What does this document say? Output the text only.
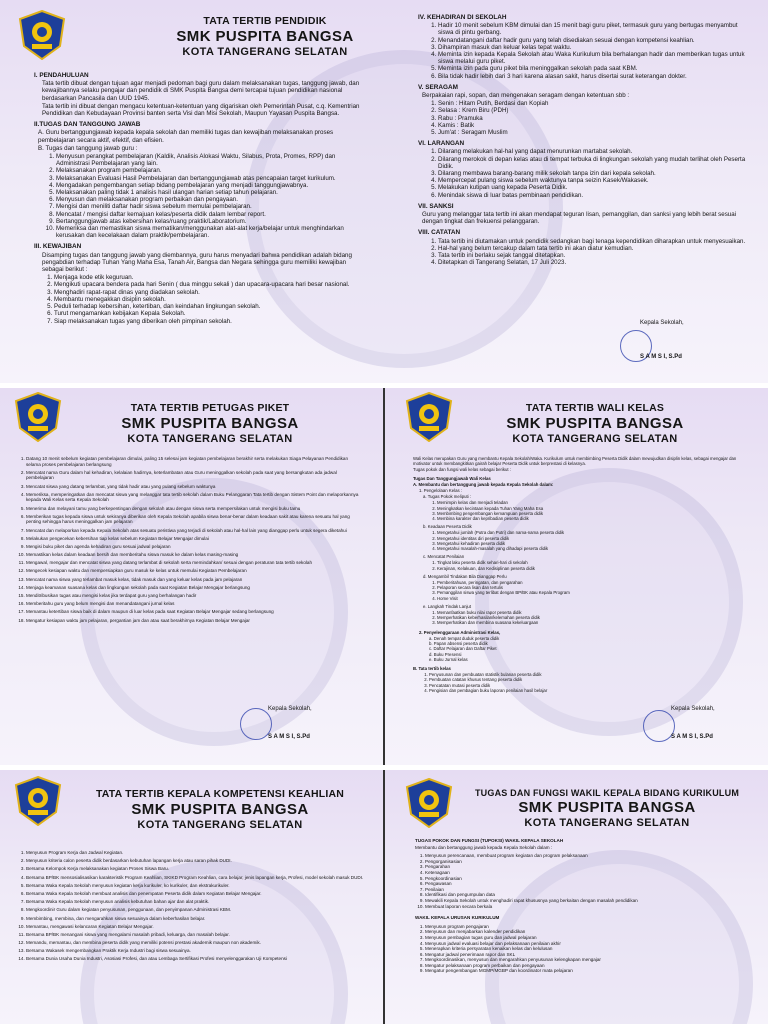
TATA TERTIB PENDIDIK
SMK PUSPITA BANGSA
KOTA TANGERANG SELATAN
I. PENDAHULUAN

Tata tertib dibuat dengan tujuan agar menjadi pedoman bagi guru dalam melaksanakan tugas, tanggung jawab, dan kewajibannya selaku pengajar dan pendidik di SMK Puspita Bangsa demi tercapai tujuan pendidikan nasional berdasarkan Pancasila dan UUD 1945.

Tata tertib ini dibuat dengan mengacu ketentuan-ketentuan yang digariskan oleh Pemerintah Pusat, c.q. Kementrian Pendidikan dan Kebudayaan Provinsi banten serta Visi dan Misi Sekolah, Maupun Yayasan Puspita Bangsa.

II.TUGAS DAN TANGGUNG JAWAB

A. Guru bertanggungjawab kepada kepala sekolah dan memiliki tugas dan kewajiban melaksanakan proses pembelajaran secara aktif, efektif, dan efisien.

B. Tugas dan tanggung jawab guru :

1. Menyusun perangkat pembelajaran (Kaldik, Analisis Alokasi Waktu, Silabus, Prota, Promes, RPP) dan Administrasi Pembelajaran yang lain.
2. Melaksanakan program pembelajaran.
3. Melaksanakan Evaluasi Hasil Pembelajaran dan bertanggungjawab atas pencapaian target kurikulum.
4. Mengadakan pengembangan setiap bidang pembelajaran yang menjadi tanggungjawabnya.
5. Melaksanakan paling tidak 1 analisis hasil ulangan harian setiap tahun pelajaran.
6. Menyusun dan melaksanakan program perbaikan dan pengayaan.
7. Mengisi dan meniliti daftar hadir siswa sebelum memulai pembelajaran.
8. Mencatat / mengisi daftar kemajuan kelas/peserta didik dalam lembar report.
9. Bertanggungjawab atas kebersihan kelas/ruang praktik/Laboratorium.
10. Memeriksa dan memastikan siswa mematikan/menggunakan alat-alat kerja/belajar untuk menghindarkan kerusakan dan kecelakaan dalam praktik/pembelajaran.
III. KEWAJIBAN

Disamping tugas dan tanggung jawab yang diembannya, guru harus menyadari bahwa pendidikan adalah bidang pengabdian terhadap Tuhan Yang Maha Esa, Tanah Air, Bangsa dan Negara sehingga guru memiliki kewajiban sebagai berikut :

1. Menjaga kode etik keguruan.
2. Mengikuti upacara bendera pada hari Senin ( dua minggu sekali ) dan upacara-upacara hari besar nasional.
3. Menghadiri rapat-rapat dinas yang diadakan sekolah.
4. Membantu menegakkan disiplin sekolah.
5. Peduli terhadap kebersihan, ketertiban, dan keindahan lingkungan sekolah.
6. Turut mengamankan kebijakan Kepala Sekolah.
7. Siap melaksanakan tugas yang diberikan oleh pimpinan sekolah.
IV. KEHADIRAN DI SEKOLAH
1. Hadir 10 menit sebelum KBM dimulai dan 15 menit bagi guru piket, termasuk guru yang bertugas menyambut siswa di pintu gerbang.
2. Menandatangani daftar hadir guru yang telah disediakan sesuai dengan kompetensi keahlian.
3. Dihampiran masuk dan keluar kelas tepat waktu.
4. Meminta izin kepada Kepala Sekolah atau Waka Kurikulum bila berhalangan hadir dan memberikan tugas untuk siswa melalui guru piket.
5. Meminta izin pada guru piket bila meninggalkan sekolah pada saat KBM.
6. Bila tidak hadir lebih dari 3 hari karena alasan sakit, harus disertai surat keterangan dokter.
V. SERAGAM

Berpakaian rapi, sopan, dan mengenakan seragam dengan ketentuan sbb :

1. Senin : Hitam Putih, Berdasi dan Kopiah
2. Selasa : Krem Biru (PDH)
3. Rabu : Pramuka
4. Kamis : Batik
5. Jum'at : Seragam Muslim
VI. LARANGAN
1. Dilarang melakukan hal-hal yang dapat menurunkan martabat sekolah.
2. Dilarang merokok di depan kelas atau di tempat terbuka di lingkungan sekolah yang mudah terlihat oleh Peserta Didik.
3. Dilarang membawa barang-barang milik sekolah tanpa izin dari kepala sekolah.
4. Mempercepat pulang siswa sebelum waktunya tanpa seizin Kasek/Wakasek.
5. Melakukan kutipan uang kepada Peserta Didik.
6. Menindak siswa di luar batas pembinaan pendidikan.
VII. SANKSI

Guru yang melanggar tata tertib ini akan mendapat teguran lisan, pemanggilan, dan sanksi yang lebih berat sesuai dengan tingkat dan frekuensi pelanggaran.

VIII. CATATAN
1. Tata tertib ini diutamakan untuk pendidik sedangkan bagi tenaga kependidikan diharapkan untuk menyesuaikan.
2. Hal-hal yang belum tercakup dalam tata tertib ini akan diatur kemudian.
3. Tata tertib ini berlaku sejak tanggal ditetapkan.
4. Ditetapkan di Tangerang Selatan, 17 Juli 2023.
Kepala Sekolah,
S A M S I, S.Pd
TATA TERTIB PETUGAS PIKET
SMK PUSPITA BANGSA
KOTA TANGERANG SELATAN
1. Datang 10 menit sebelum kegiatan pembelajaran dimulai, paling 15 selesai jam kegiatan pembelajaran berakhir serta melakukan Siaga Pelayanan Pendidikan selama proses pembelajaran berlangsung
2. Mencatat nama Guru dalam hal kehadiran, kelalaian hadirnya, keterlambatan atau Guru meninggalkan sekolah pada saat yang bersangkutan ada jadwal pembelajaran
3. Mencatat siswa yang datang terlambat, yang tidak hadir atau yang pulang sebelum waktunya
4. Memeriksa, memperingatkan dan mencatat siswa yang melanggar tata tertib sekolah dalam Buku Pelanggaran Tata tertib dengan Sistem Point dan melaporkannya kepada Wali Kelas serta Kepala Sekolah
5. Menerima dan melayani tamu yang berkepentingan dengan sekolah atau dengan siswa serta mempersilakan untuk mengisi buku tamu
6. Memberikan tugas kepada siswa untuk sekiranya diberikan oleh Kepala Sekolah apabila siswa benar-benar dalam keadaan sakit atau karena sesuatu hal yang penting sehingga harus meninggalkan jam pelajaran
7. Mencatat dan melaporkan kepada Kepala Sekolah atas sesuatu peristiwa yang terjadi di sekolah atau hal-hal lain yang dianggap perlu untuk segera diketahui
8. Melakukan pengecekan kebersihan tiap kelas sebelum Kegiatan Belajar Mengajar dimulai
9. Mengisi buku piket dan agenda kehadiran guru sesuai jadwal pelajaran
10. Memastikan kelas dalam keadaan bersih dan memberitahu siswa masuk ke dalam kelas masing-masing
11. Mengawal, mengajar dan mencatat siswa yang datang terlambat di sekolah serta memindahkan/ sesuai dengan peraturan tata tertib sekolah
12. Mengecek kesiapan waktu dan mempersiapkan guru masuk ke kelas untuk memulai Kegiatan Pembelajaran
13. Mencatat nama siswa yang terlambat masuk kelas, tidak masuk dan yang keluar kelas pada jam pelajaran
14. Menjaga keamanan suasana kelas dan lingkungan sekolah pada saat Kegiatan Belajar Mengajar berlangsung
15. Menditribusikan tugas atau mengisi kelas jika terdapat guru yang berhalangan hadir
16. Memberitahu guru yang belum mengisi dan menandatangani jurnal kelas
17. Memantau ketertiban siswa baik di dalam maupun di luar kelas pada saat Kegiatan Belajar Mengajar sedang berlangsung
18. Mengatur kesiapan waktu jam pelajaran, pergantian jam dan atau saat berakhirnya Kegiatan Belajar Mengajar
Kepala Sekolah,
S A M S I, S.Pd
TATA TERTIB WALI KELAS
SMK PUSPITA BANGSA
KOTA TANGERANG SELATAN

Wali Kelas merupakan Guru yang membantu Kepala Sekolah/Waka. Kurikulum untuk membimbing Peserta Didik dalam mewujudkan disiplin kelas, sebagai mengajar dan motivator untuk membangkitkan gairah belajar Peserta Didik untuk berprestasi di kelasnya.

Tugas pokok dan fungsi wali kelas sebagai berikut :

Tugas Dan Tanggungjawab Wali Kelas

A. Membantu dan bertanggung jawab kepada Kepala Sekolah dalam:

1. Pengelolaan Kelas :

a. Tugas Pokok meliputi :

1. Memimpin kelas dan menjadi teladan
2. Meningkatkan kecintaan kepada Tuhan Yang Maha Esa
3. Membimbing pengembangan kemampuan peserta didik
4. Membina karakter dan kepribadian peserta didik

b. Keadaan Peserta Didik

1. Mengetahui jumlah (Putra dan Putri) dan nama-nama peserta didik
2. Mengetahui identitas diri peserta didik
3. Mengetahui kehadiran peserta didik
4. Mengetahui masalah-masalah yang dihadapi peserta didik

c. Mencatat Penilaian

1. Tingkat laku peserta didik sehari-hari di sekolah
2. Kerajinan, Kelakuan, dan Kedisiplinan peserta didik

d. Mengambil Tindakan Bila Dianggap Perlu

1. Pemberitahuan, peringatan, dan pengarahan
2. Pelaporan secara lisan dan tertulis
3. Pemanggilan siswa yang terlibat dengan BP/BK atau Kepala Program
4. Home Visit

e. Langkah Tindak Lanjut

1. Memanfaatkan buku nilai rapor peserta didik
2. Memperhatikan keberhasilan/kelemahan peserta didik
3. Memperhatikan dan membina suasana kekeluargaan

2. Penyelenggaraan Administrasi Kelas,

a. Denah tempat duduk peserta didik
b. Papan absensi peserta didik
c. Daftar Pelajaran dan Daftar Piket
d. Buku Presensi
e. Buku Jurnal kelas

B. Tata tertib kelas

1. Penyusunan dan pembuatan statistik bulanan peserta didik
2. Pembuatan catatan khusus tentang peserta didik
3. Pencatatan mutasi peserta didik
4. Pengisian dan pembagian buku laporan penilaian hasil belajar
Kepala Sekolah,
S A M S I, S.Pd
TATA TERTIB KEPALA KOMPETENSI KEAHLIAN
SMK PUSPITA BANGSA
KOTA TANGERANG SELATAN
1. Menyusun Program Kerja dan Jadwal Kegiatan.
2. Menyusun kriteria calon peserta didik berdasarkan kebutuhan lapangan kerja atau saran pihak DUDI.
3. Bersama Kelompok Kerja melaksanakan kegiatan Proses Siswa Baru.
4. Bersama BP/BK mensosialisasikan karakteristik Program Keahlian, SKIKD Program Keahlian, cara belajar, jenis lapangan kerja, Profesi, model sekolah masuk DUDI.
5. Bersama Waka Kepala Sekolah menyusun kegiatan kerja kurikuler, ko kurikuler, dan ekstrakurikuler.
6. Bersama Waka Kepala Sekolah membuat analisis dan penempatan Peserta didik dalam Kegiatan Belajar Mengajar.
7. Bersama Waka Kepala Sekolah menyusun analisis kebutuhan bahan ajar dan alat praktik.
8. Mengkoordinir Guru dalam kegiatan penyusunan, penggunaan, dan penyimpanan Administrasi KBM.
9. Membimbing, membina, dan mengarahkan siswa sesuainya dalam keberhasilan belajar.
10. Memantau, mengawasi kelancaran Kegiatan Belajar Mengajar.
11. Bersama BP/BK menangani siswa yang mengalami masalah pribadi, keluarga, dan masalah belajar.
12. Memandu, memantau, dan membina peserta didik yang memiliki potensi prestasi akademik maupun non akademik.
13. Bersama Wakasek mengembangkan Praktik Kerja Industri bagi siswa sesuainya.
14. Bersama Dunia Usaha Dunia Industri, Asosiasi Profesi, dan atau Lembaga Sertifikasi Profesi menyelenggarakan Uji Kompetensi
TUGAS DAN FUNGSI WAKIL KEPALA BIDANG KURIKULUM
SMK PUSPITA BANGSA
KOTA TANGERANG SELATAN

TUGAS POKOK DAN FUNGSI (TUPOKSI) WAKIL KEPALA SEKOLAH

Membantu dan bertanggung jawab kepada Kepala Sekolah dalam :

1. Menyusun perencanaan, membuat program kegiatan dan program pelaksanaan
2. Pengorganisasian
3. Pengarahan
4. Ketenagaan
5. Pengkoordinasian
6. Pengawasan
7. Penilaian
8. Identifikasi dan pengumpulan data
9. Mewakili Kepala Sekolah untuk menghadiri rapat khususnya yang berkaitan dengan masalah pendidikan
10. Membuat laporan secara berkala

WAKIL KEPALA URUSAN KURIKULUM

1. Menyusun program pengajaran
2. Menyusun dan menjabarkan kalender pendidikan
3. Menyusun pembagian tugas guru dan jadwal pelajaran
4. Menyusun jadwal evaluasi belajar dan pelaksanaan penilaian akhir
5. Menerapkan kriteria persyaratan kenaikan kelas dan kelulusan
6. Mengatur jadwal penerimaan rapor dan SKL
7. Mengkoordinasikan, menyusun dan mengarahkan penyusunan kelengkapan mengajar
8. Mengatur pelaksanaan program perbaikan dan pengayaan
9. Mengatur pengembangan MGMP/MGBP dan koordinator mata pelajaran
